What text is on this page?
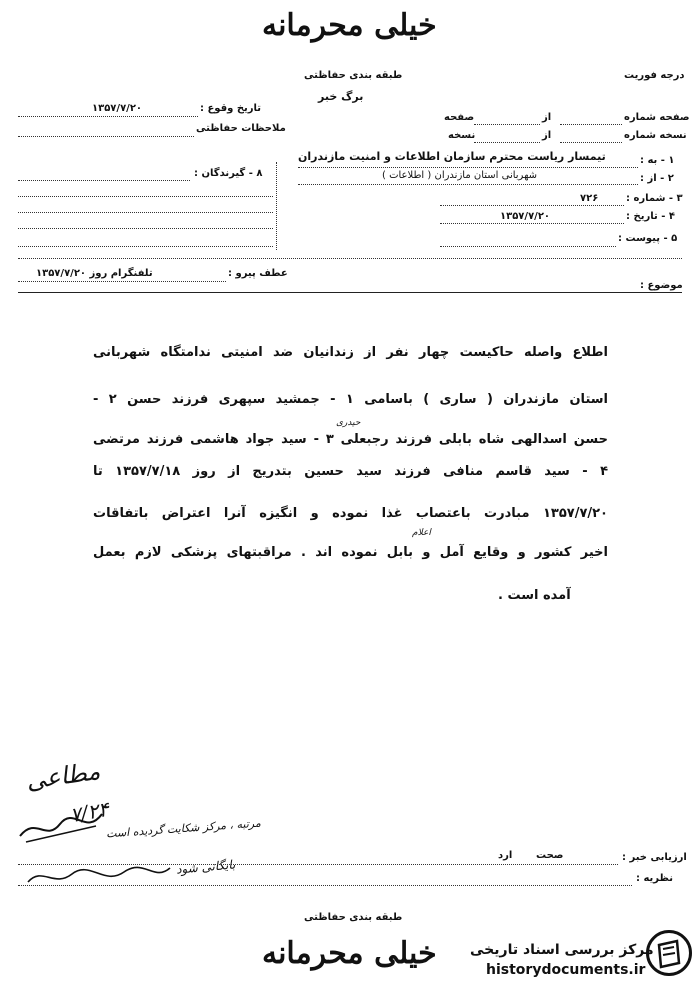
خیلی محرمانه
طبقه بندی حفاظتی
برگ خبر
درجه فوریت
تاریخ وقوع :
۱۳۵۷/۷/۲۰
ملاحظات حفاظتی
۸ - گیرندگان :
صفحه شماره
از
صفحه
نسخه شماره
از
نسخه
۱ - به :
تیمسار ریاست محترم سازمان اطلاعات و امنیت مازندران
۲ - از :
شهربانی استان مازندران ( اطلاعات )
۳ - شماره :
۷۲۶
۴ - تاریخ :
۱۳۵۷/۷/۲۰
۵ - پیوست :
عطف پیرو :
تلفنگرام روز ۱۳۵۷/۷/۲۰
موضوع :
اطلاع واصله حاکیست چهار نفر از زندانیان ضد امنیتی ندامتگاه شهربانی
استان مازندران ( ساری ) باسامی ۱ - جمشید سپهری فرزند حسن ۲ -
حیدری
حسن اسدالهی شاه بابلی فرزند رجبعلی ۳ - سید جواد هاشمی فرزند مرتضی
۴ - سید قاسم منافی فرزند سید حسین بتدریج از روز ۱۳۵۷/۷/۱۸ تا
۱۳۵۷/۷/۲۰ مبادرت باعتصاب غذا نموده و انگیزه آنرا اعتراض باتفاقات
اعلام
اخیر کشور و وقایع آمل و بابل نموده اند . مراقبتهای پزشکی لازم بعمل
آمده است .
مطاعی
۷/۲۴
مرتبه ، مرکز شکایت گردیده است
بایگانی شود	ارزیابی خبر :
صحت
ارد
نظریه :
طبقه بندی حفاظتی
خیلی محرمانه مرکز بررسی اسناد تاریخی
historydocuments.ir
